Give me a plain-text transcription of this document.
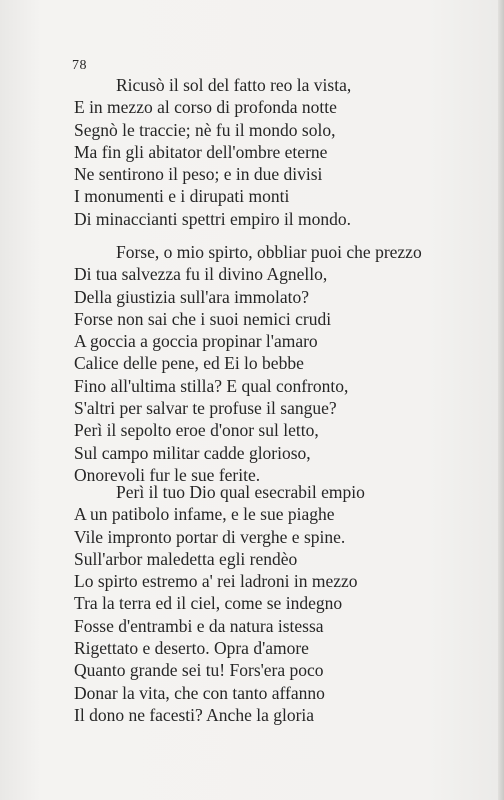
78
Ricusò il sol del fatto reo la vista,
E in mezzo al corso di profonda notte
Segnò le traccie; nè fu il mondo solo,
Ma fin gli abitator dell'ombre eterne
Ne sentirono il peso; e in due divisi
I monumenti e i dirupati monti
Di minaccianti spettri empiro il mondo.
Forse, o mio spirto, obbliar puoi che prezzo
Di tua salvezza fu il divino Agnello,
Della giustizia sull'ara immolato?
Forse non sai che i suoi nemici crudi
A goccia a goccia propinar l'amaro
Calice delle pene, ed Ei lo bebbe
Fino all'ultima stilla? E qual confronto,
S'altri per salvar te profuse il sangue?
Perì il sepolto eroe d'onor sul letto,
Sul campo militar cadde glorioso,
Onorevoli fur le sue ferite.
Perì il tuo Dio qual esecrabil empio
A un patibolo infame, e le sue piaghe
Vile impronto portar di verghe e spine.
Sull'arbor maledetta egli rendèo
Lo spirto estremo a' rei ladroni in mezzo
Tra la terra ed il ciel, come se indegno
Fosse d'entrambi e da natura istessa
Rigettato e deserto. Opra d'amore
Quanto grande sei tu! Fors'era poco
Donar la vita, che con tanto affanno
Il dono ne facesti? Anche la gloria
